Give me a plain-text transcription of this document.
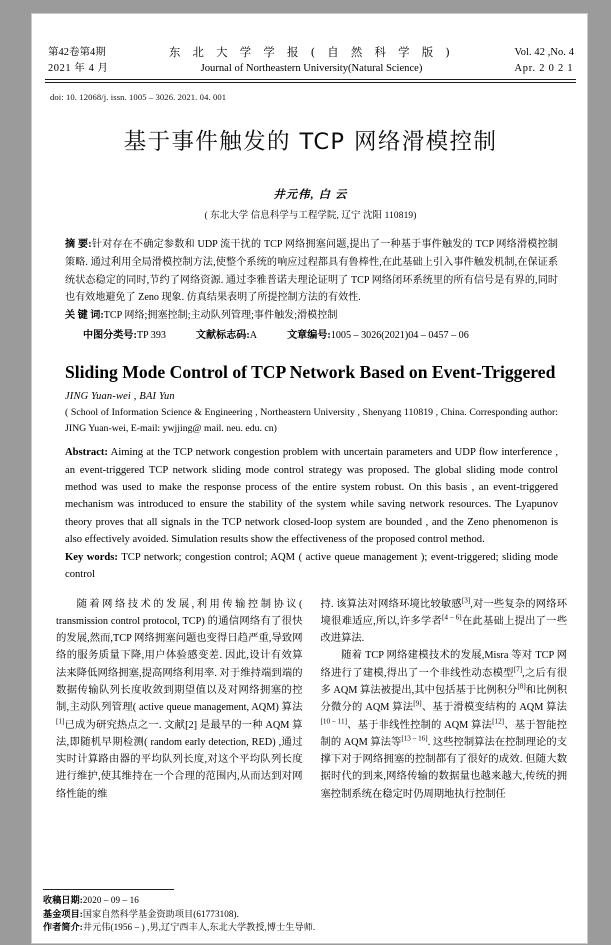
第42卷第4期
2021 年 4 月
东 北 大 学 学 报 ( 自 然 科 学 版 )
Journal of Northeastern University(Natural Science)
Vol. 42 ,No. 4
Apr. 2 0 2 1
doi: 10. 12068/j. issn. 1005 – 3026. 2021. 04. 001
基于事件触发的 TCP 网络滑模控制
井元伟, 白 云
( 东北大学 信息科学与工程学院, 辽宁 沈阳 110819)
摘 要:针对存在不确定参数和 UDP 流干扰的 TCP 网络拥塞问题,提出了一种基于事件触发的 TCP 网络滑模控制策略. 通过利用全局滑模控制方法,使整个系统的响应过程都具有鲁棒性,在此基础上引入事件触发机制,在保证系统状态稳定的同时,节约了网络资源. 通过李雅普诺夫理论证明了 TCP 网络闭环系统里的所有信号是有界的,同时也有效地避免了 Zeno 现象. 仿真结果表明了所提控制方法的有效性.
关 键 词:TCP 网络;拥塞控制;主动队列管理;事件触发;滑模控制
中图分类号:TP 393	文献标志码:A	文章编号:1005 – 3026(2021)04 – 0457 – 06
Sliding Mode Control of TCP Network Based on Event-Triggered
JING Yuan-wei , BAI Yun
( School of Information Science & Engineering , Northeastern University , Shenyang 110819 , China. Corresponding author: JING Yuan-wei, E-mail: ywjjing@ mail. neu. edu. cn)
Abstract: Aiming at the TCP network congestion problem with uncertain parameters and UDP flow interference , an event-triggered TCP network sliding mode control strategy was proposed. The global sliding mode control method was used to make the response process of the entire system robust. On this basis , an event-triggered mechanism was introduced to ensure the stability of the system while saving network resources. The Lyapunov theory proves that all signals in the TCP network closed-loop system are bounded , and the Zeno phenomenon is also effectively avoided. Simulation results show the effectiveness of the proposed control method.
Key words: TCP network; congestion control; AQM ( active queue management ); event-triggered; sliding mode control

随着网络技术的发展,利用传输控制协议( transmission control protocol, TCP) 的通信网络有了很快的发展,然而,TCP 网络拥塞问题也变得日趋严重,导致网络的服务质量下降,用户体验感变差. 因此,设计有效算法来降低网络拥塞,提高网络利用率. 对于维持端到端的数据传输队列长度收敛到期望值以及对网络拥塞的控制,主动队列管理( active queue management, AQM) 算法[1]已成为研究热点之一. 文献[2] 是最早的一种 AQM 算法,即随机早期检测( random early detection, RED) ,通过实时计算路由器的平均队列长度,对这个平均队列长度进行维护,使其维持在一个合理的范围内,从而达到对网络性能的维

持. 该算法对网络环境比较敏感[3],对一些复杂的网络环境很难适应,所以,许多学者[4 – 6]在此基础上提出了一些改进算法.

随着 TCP 网络建模技术的发展,Misra 等对 TCP 网络进行了建模,得出了一个非线性动态模型[7],之后有很多 AQM 算法被提出,其中包括基于比例积分[8]和比例积分微分的 AQM 算法[9]、基于滑模变结构的 AQM 算法[10 – 11]、基于非线性控制的 AQM 算法[12]、基于智能控制的 AQM 算法等[13 – 16]. 这些控制算法在控制理论的支撑下对于网络拥塞的控制都有了很好的成效. 但随大数据时代的到来,网络传输的数据量也越来越大,传统的拥塞控制系统在稳定时仍周期地执行控制任

收稿日期:2020 – 09 – 16
基金项目:国家自然科学基金资助项目(61773108).
作者简介:井元伟(1956 – ) ,男,辽宁西丰人,东北大学教授,博士生导师.
